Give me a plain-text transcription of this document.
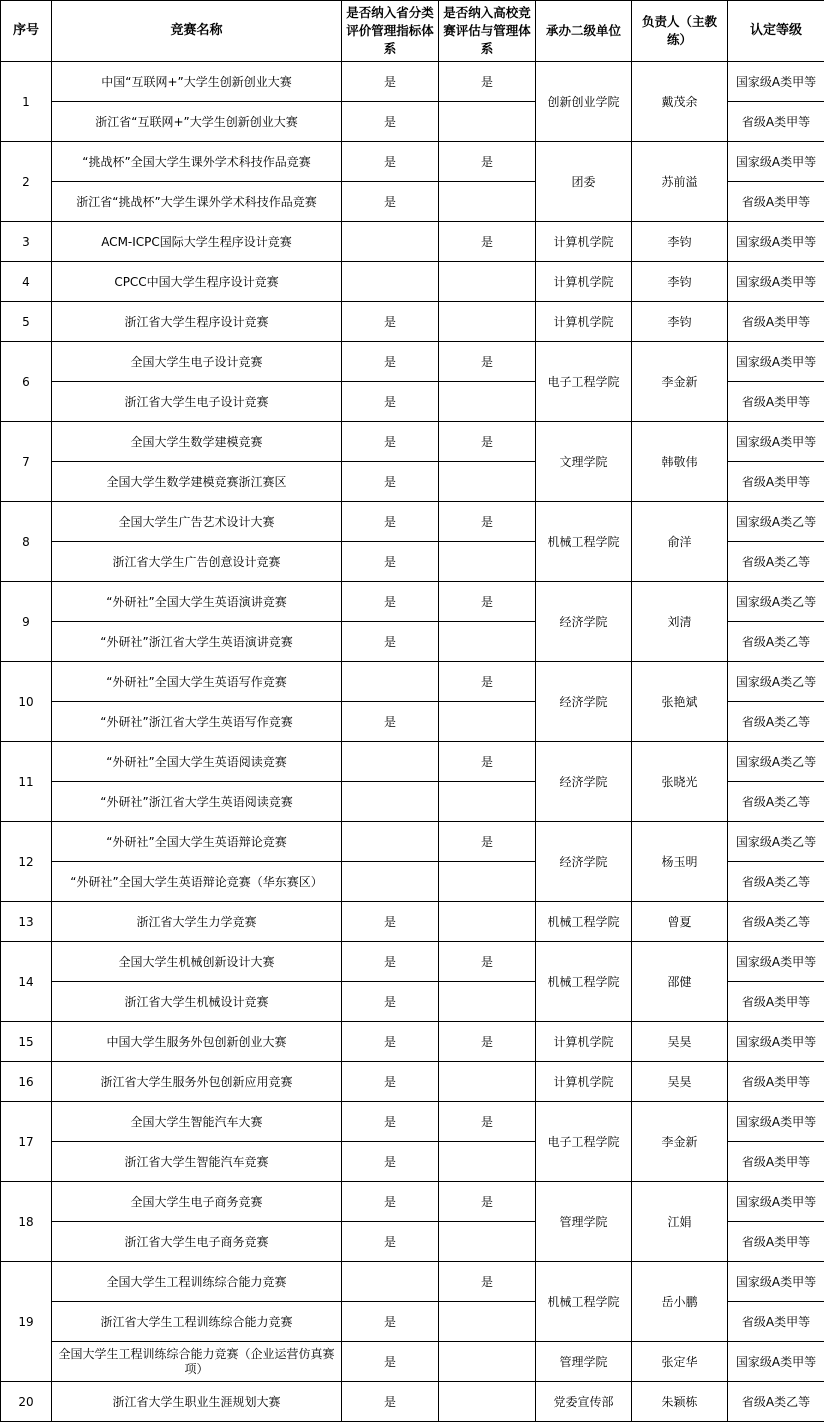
序号	竞赛名称	是否纳入省分类评价管理指标体系	是否纳入高校竞赛评估与管理体系	承办二级单位	负责人（主教练）	认定等级
1	中国“互联网+”大学生创新创业大赛	是	是	创新创业学院	戴茂余	国家级A类甲等
	浙江省“互联网+”大学生创新创业大赛	是				省级A类甲等
2	“挑战杯”全国大学生课外学术科技作品竞赛	是	是	团委	苏前溢	国家级A类甲等
	浙江省“挑战杯”大学生课外学术科技作品竞赛	是				省级A类甲等
3	ACM-ICPC国际大学生程序设计竞赛		是	计算机学院	李钧	国家级A类甲等
4	CPCC中国大学生程序设计竞赛			计算机学院	李钧	国家级A类甲等
5	浙江省大学生程序设计竞赛	是		计算机学院	李钧	省级A类甲等
6	全国大学生电子设计竞赛	是	是	电子工程学院	李金新	国家级A类甲等
	浙江省大学生电子设计竞赛	是				省级A类甲等
7	全国大学生数学建模竞赛	是	是	文理学院	韩敬伟	国家级A类甲等
	全国大学生数学建模竞赛浙江赛区	是				省级A类甲等
8	全国大学生广告艺术设计大赛	是	是	机械工程学院	俞洋	国家级A类乙等
	浙江省大学生广告创意设计竞赛	是				省级A类乙等
9	“外研社”全国大学生英语演讲竞赛	是	是	经济学院	刘清	国家级A类乙等
	“外研社”浙江省大学生英语演讲竞赛	是				省级A类乙等
10	“外研社”全国大学生英语写作竞赛		是	经济学院	张艳斌	国家级A类乙等
	“外研社”浙江省大学生英语写作竞赛	是				省级A类乙等
11	“外研社”全国大学生英语阅读竞赛		是	经济学院	张晓光	国家级A类乙等
	“外研社”浙江省大学生英语阅读竞赛					省级A类乙等
12	“外研社”全国大学生英语辩论竞赛		是	经济学院	杨玉明	国家级A类乙等
	“外研社”全国大学生英语辩论竞赛（华东赛区）					省级A类乙等
13	浙江省大学生力学竞赛	是		机械工程学院	曾夏	省级A类乙等
14	全国大学生机械创新设计大赛	是	是	机械工程学院	邵健	国家级A类甲等
	浙江省大学生机械设计竞赛	是				省级A类甲等
15	中国大学生服务外包创新创业大赛	是	是	计算机学院	吴昊	国家级A类甲等
16	浙江省大学生服务外包创新应用竞赛	是		计算机学院	吴昊	省级A类甲等
17	全国大学生智能汽车大赛	是	是	电子工程学院	李金新	国家级A类甲等
	浙江省大学生智能汽车竞赛	是				省级A类甲等
18	全国大学生电子商务竞赛	是	是	管理学院	江娟	国家级A类甲等
	浙江省大学生电子商务竞赛	是				省级A类甲等
19	全国大学生工程训练综合能力竞赛		是	机械工程学院	岳小鹏	国家级A类甲等
	浙江省大学生工程训练综合能力竞赛	是				省级A类甲等
	全国大学生工程训练综合能力竞赛（企业运营仿真赛项）	是		管理学院	张定华	国家级A类甲等
20	浙江省大学生职业生涯规划大赛	是		党委宣传部	朱颖栋	省级A类乙等
